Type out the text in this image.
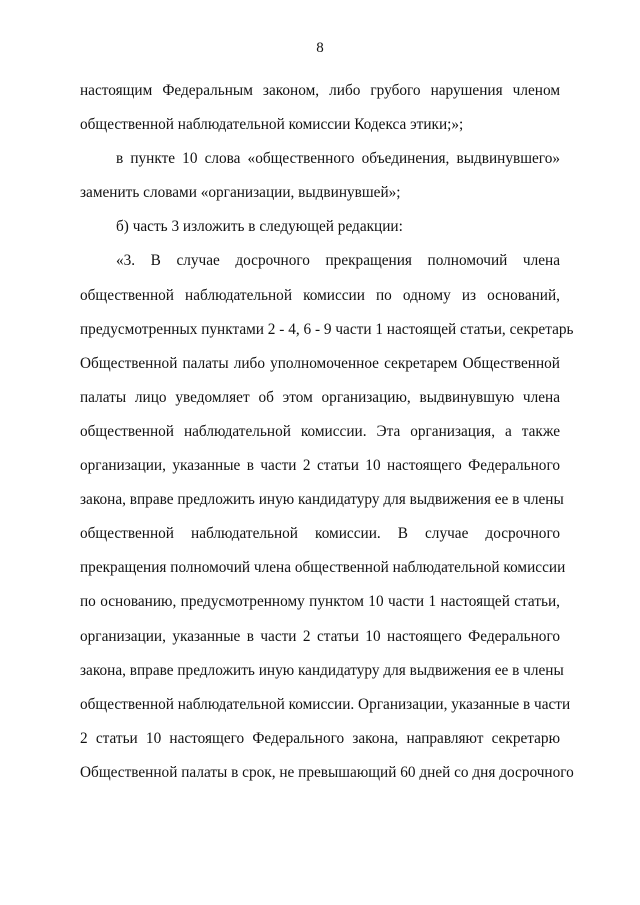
8
настоящим Федеральным законом, либо грубого нарушения членом
общественной наблюдательной комиссии Кодекса этики;»;
в пункте 10 слова «общественного объединения, выдвинувшего»
заменить словами «организации, выдвинувшей»;
б) часть 3 изложить в следующей редакции:
«3. В случае досрочного прекращения полномочий члена
общественной наблюдательной комиссии по одному из оснований,
предусмотренных пунктами 2 - 4, 6 - 9 части 1 настоящей статьи, секретарь
Общественной палаты либо уполномоченное секретарем Общественной
палаты лицо уведомляет об этом организацию, выдвинувшую члена
общественной наблюдательной комиссии. Эта организация, а также
организации, указанные в части 2 статьи 10 настоящего Федерального
закона, вправе предложить иную кандидатуру для выдвижения ее в члены
общественной наблюдательной комиссии. В случае досрочного
прекращения полномочий члена общественной наблюдательной комиссии
по основанию, предусмотренному пунктом 10 части 1 настоящей статьи,
организации, указанные в части 2 статьи 10 настоящего Федерального
закона, вправе предложить иную кандидатуру для выдвижения ее в члены
общественной наблюдательной комиссии. Организации, указанные в части
2 статьи 10 настоящего Федерального закона, направляют секретарю
Общественной палаты в срок, не превышающий 60 дней со дня досрочного
